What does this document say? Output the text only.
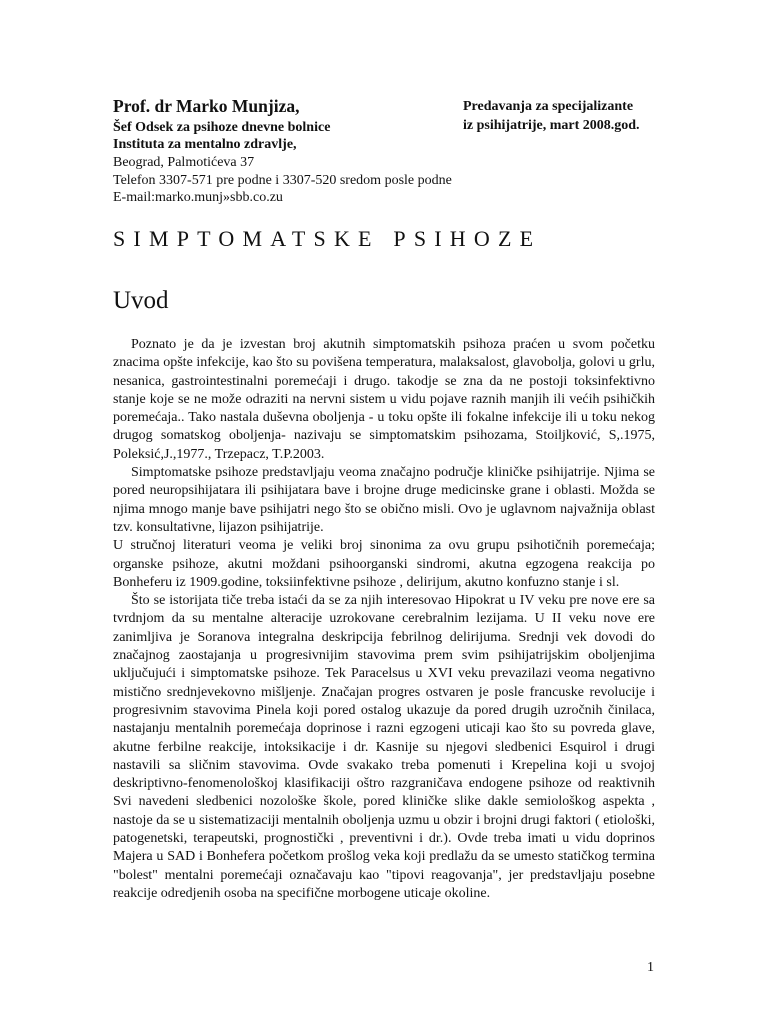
Prof. dr Marko Munjiza,	Predavanja za specijalizante
Šef Odsek za psihoze dnevne bolnice	iz psihijatrije, mart 2008.god.
Instituta za mentalno zdravlje,
Beograd, Palmotićeva 37
Telefon 3307-571 pre podne i 3307-520 sredom posle podne
E-mail:marko.munj»sbb.co.zu
SIMPTOMATSKE PSIHOZE
Uvod

Poznato je da je izvestan broj akutnih simptomatskih psihoza praćen u svom početku znacima opšte infekcije, kao što su povišena temperatura, malaksalost, glavobolja, golovi u grlu, nesanica, gastrointestinalni poremećaji i drugo. takodje se zna da ne postoji toksinfektivno stanje koje se ne može odraziti na nervni sistem u vidu pojave raznih manjih ili većih psihičkih poremećaja.. Tako nastala duševna oboljenja - u toku opšte ili fokalne infekcije ili u toku nekog drugog somatskog oboljenja- nazivaju se simptomatskim psihozama, Stoiljković, S,.1975, Poleksić,J.,1977., Trzepacz, T.P.2003.

Simptomatske psihoze predstavljaju veoma značajno područje kliničke psihijatrije. Njima se pored neuropsihijatara ili psihijatara bave i brojne druge medicinske grane i oblasti. Možda se njima mnogo manje bave psihijatri nego što se obično misli. Ovo je uglavnom najvažnija oblast tzv. konsultativne, lijazon psihijatrije.

U stručnoj literaturi veoma je veliki broj sinonima za ovu grupu psihotičnih poremećaja; organske psihoze, akutni moždani psihoorganski sindromi, akutna egzogena reakcija po Bonheferu iz 1909.godine, toksiinfektivne psihoze , delirijum, akutno konfuzno stanje i sl.

Što se istorijata tiče treba istaći da se za njih interesovao Hipokrat u IV veku pre nove ere sa tvrdnjom da su mentalne alteracije uzrokovane cerebralnim lezijama. U II veku nove ere zanimljiva je Soranova integralna deskripcija febrilnog delirijuma. Srednji vek dovodi do značajnog zaostajanja u progresivnijim stavovima prem svim psihijatrijskim oboljenjima uključujući i simptomatske psihoze. Tek Paracelsus u XVI veku prevazilazi veoma negativno mistično srednjevekovno mišljenje. Značajan progres ostvaren je posle francuske revolucije i progresivnim stavovima Pinela koji pored ostalog ukazuje da pored drugih uzročnih činilaca, nastajanju mentalnih poremećaja doprinose i razni egzogeni uticaji kao što su povreda glave, akutne ferbilne reakcije, intoksikacije i dr. Kasnije su njegovi sledbenici Esquirol i drugi nastavili sa sličnim stavovima. Ovde svakako treba pomenuti i Krepelina koji u svojoj deskriptivno-fenomenološkoj klasifikaciji oštro razgraničava endogene psihoze od reaktivnih Svi navedeni sledbenici nozološke škole, pored kliničke slike dakle semiološkog aspekta , nastoje da se u sistematizaciji mentalnih oboljenja uzmu u obzir i brojni drugi faktori ( etiološki, patogenetski, terapeutski, prognostički , preventivni i dr.). Ovde treba imati u vidu doprinos Majera u SAD i Bonhefera početkom prošlog veka koji predlažu da se umesto statičkog termina "bolest" mentalni poremećaji označavaju kao "tipovi reagovanja", jer predstavljaju posebne reakcije odredjenih osoba na specifične morbogene uticaje okoline.

1
